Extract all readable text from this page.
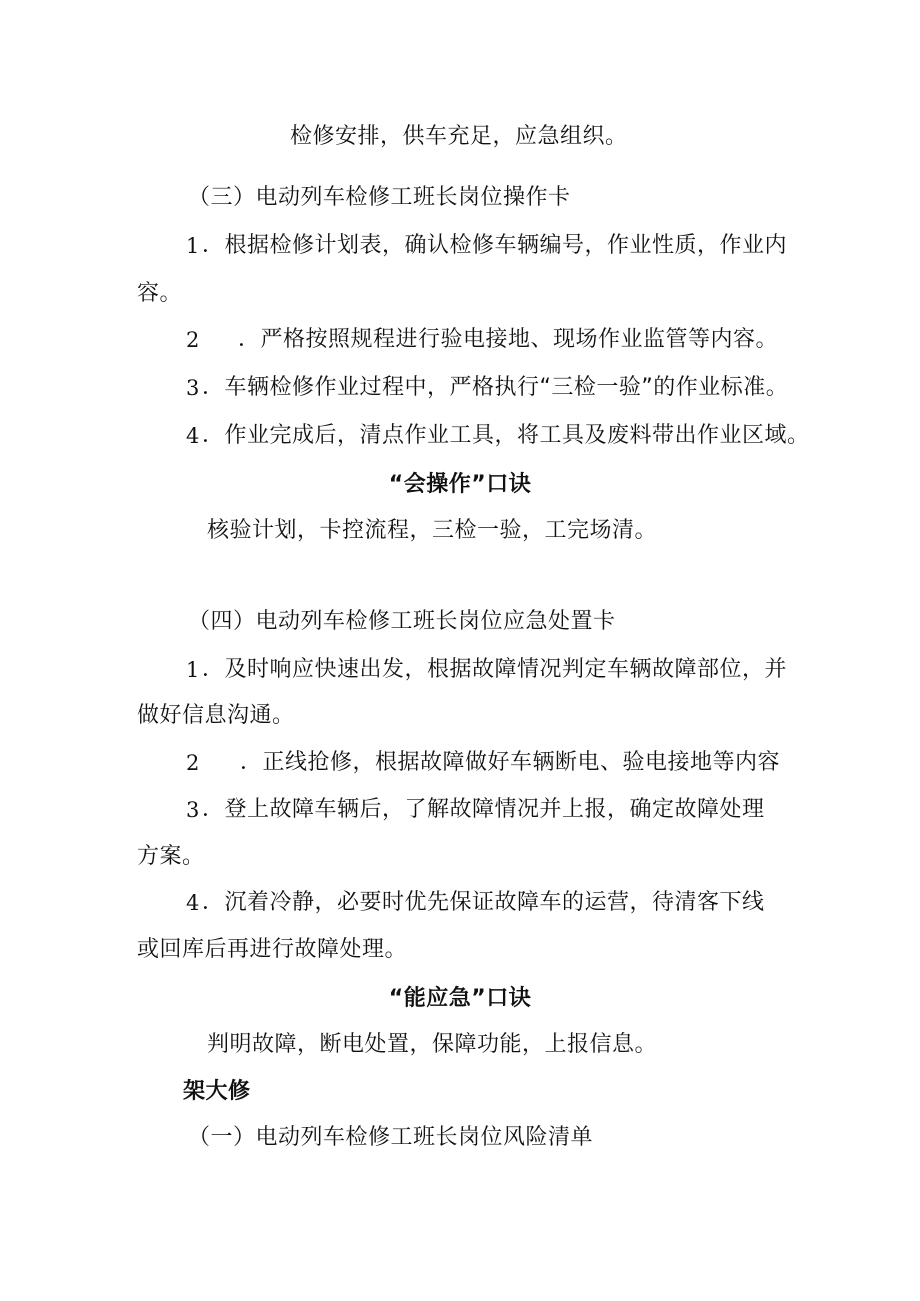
检修安排，供车充足，应急组织。
（三）电动列车检修工班长岗位操作卡
1 ．根据检修计划表，确认检修车辆编号，作业性质，作业内
容。
2 ．严格按照规程进行验电接地、现场作业监管等内容。
3 ．车辆检修作业过程中，严格执行“三检一验”的作业标准。
4 ．作业完成后，清点作业工具，将工具及废料带出作业区域。
“会操作”口诀
核验计划，卡控流程，三检一验，工完场清。
（四）电动列车检修工班长岗位应急处置卡
1 ．及时响应快速出发，根据故障情况判定车辆故障部位，并
做好信息沟通。
2 ．正线抢修，根据故障做好车辆断电、验电接地等内容
3 ．登上故障车辆后，了解故障情况并上报，确定故障处理
方案。
4 ．沉着冷静，必要时优先保证故障车的运营，待清客下线
或回库后再进行故障处理。
“能应急”口诀
判明故障，断电处置，保障功能，上报信息。
架大修
（一）电动列车检修工班长岗位风险清单
